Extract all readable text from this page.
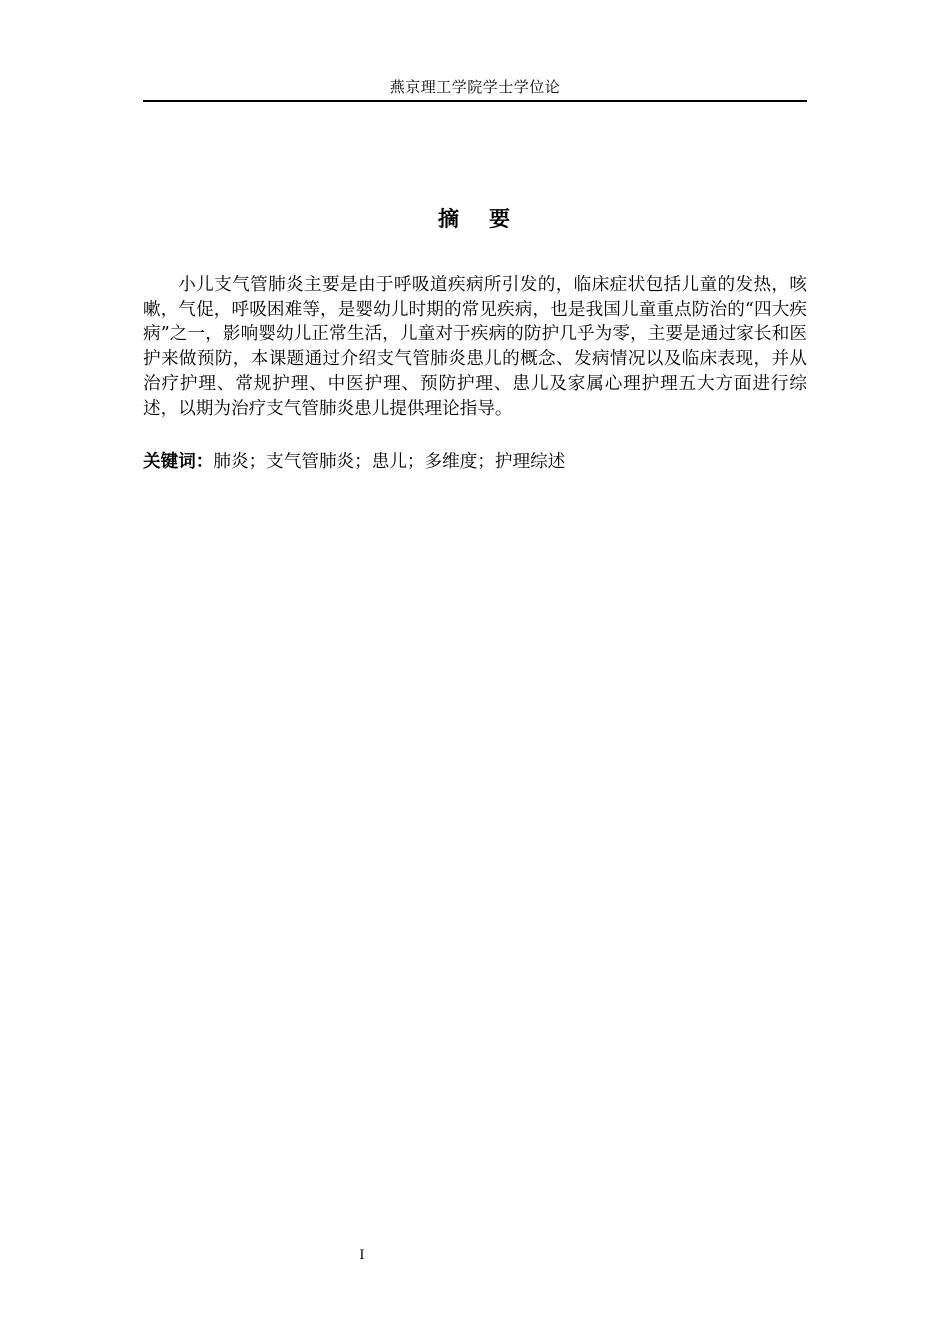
燕京理工学院学士学位论
摘   要

小儿支气管肺炎主要是由于呼吸道疾病所引发的，临床症状包括儿童的发热，咳嗽，气促，呼吸困难等，是婴幼儿时期的常见疾病，也是我国儿童重点防治的“四大疾病”之一，影响婴幼儿正常生活，儿童对于疾病的防护几乎为零，主要是通过家长和医护来做预防，本课题通过介绍支气管肺炎患儿的概念、发病情况以及临床表现，并从治疗护理、常规护理、中医护理、预防护理、患儿及家属心理护理五大方面进行综述，以期为治疗支气管肺炎患儿提供理论指导。

关键词：肺炎；支气管肺炎；患儿；多维度；护理综述

I
